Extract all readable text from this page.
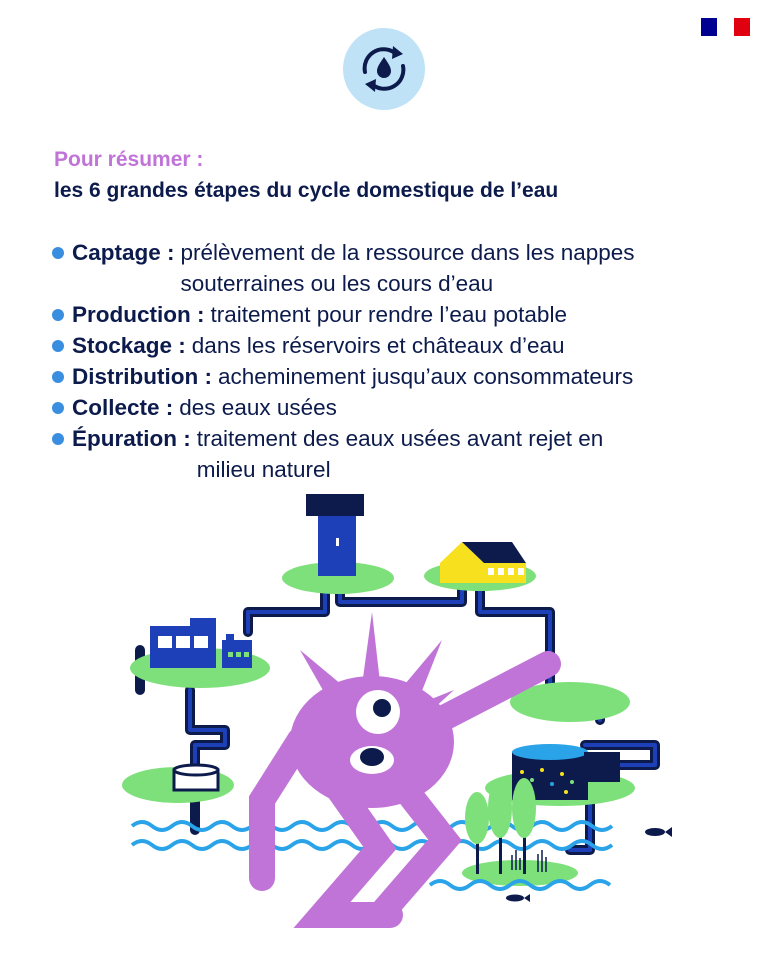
Pour résumer :
les 6 grandes étapes du cycle domestique de l’eau
Captage : prélèvement de la ressource dans les nappes
souterraines ou les cours d’eau
Production : traitement pour rendre l’eau potable
Stockage : dans les réservoirs et châteaux d’eau
Distribution : acheminement jusqu’aux consommateurs
Collecte : des eaux usées
Épuration : traitement des eaux usées avant rejet en
milieu naturel
